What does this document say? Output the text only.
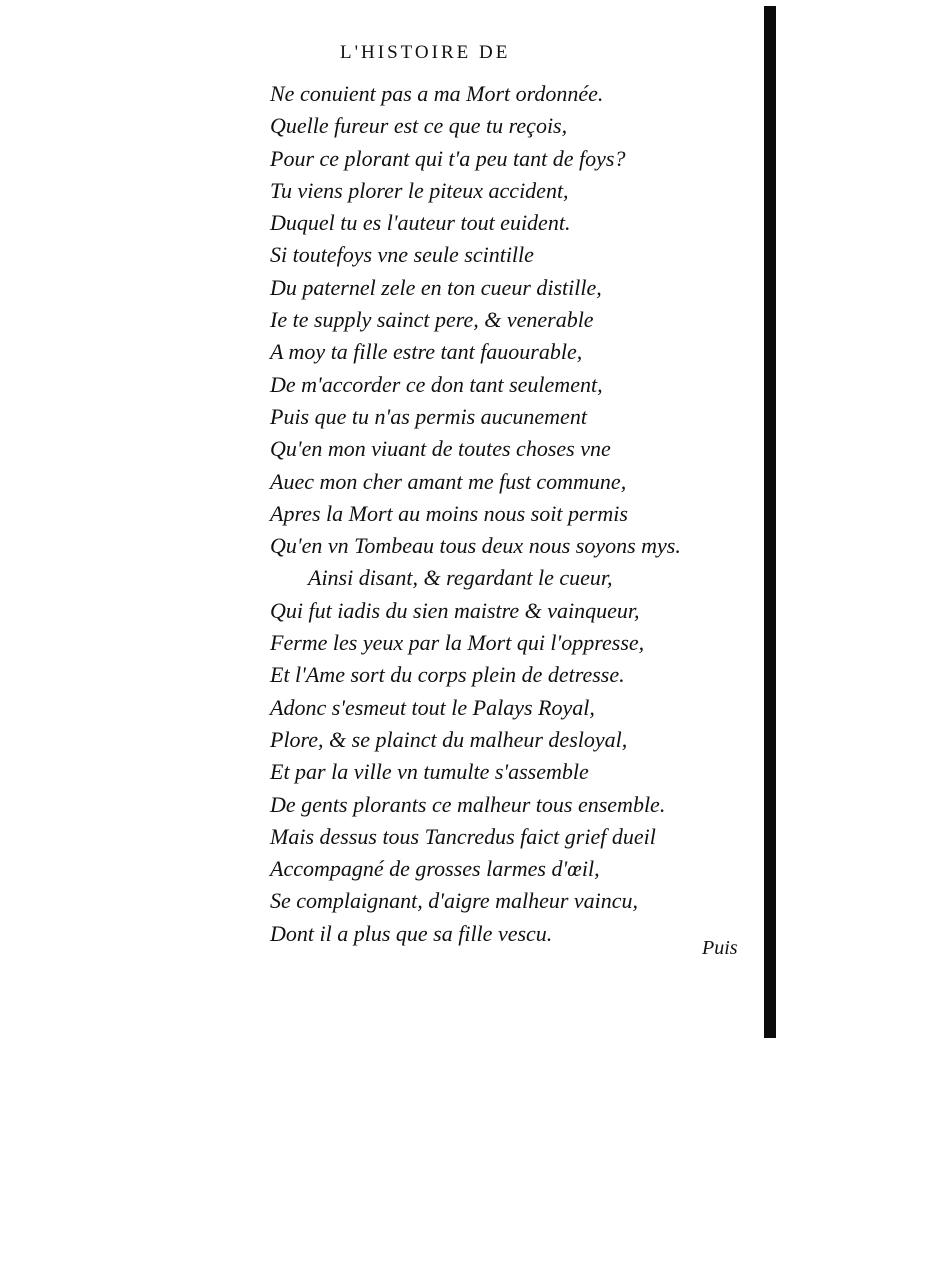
L'HISTOIRE DE
Ne conuient pas a ma Mort ordonnée.
Quelle fureur est ce que tu reçois,
Pour ce plorant qui t'a peu tant de foys?
Tu viens plorer le piteux accident,
Duquel tu es l'auteur tout euident.
Si toutefoys vne seule scintille
Du paternel zele en ton cueur distille,
Ie te supply sainct pere, & venerable
A moy ta fille estre tant fauourable,
De m'accorder ce don tant seulement,
Puis que tu n'as permis aucunement
Qu'en mon viuant de toutes choses vne
Auec mon cher amant me fust commune,
Apres la Mort au moins nous soit permis
Qu'en vn Tombeau tous deux nous soyons mys.
Ainsi disant, & regardant le cueur,
Qui fut iadis du sien maistre & vainqueur,
Ferme les yeux par la Mort qui l'oppresse,
Et l'Ame sort du corps plein de detresse.
Adonc s'esmeut tout le Palays Royal,
Plore, & se plainct du malheur desloyal,
Et par la ville vn tumulte s'assemble
De gents plorants ce malheur tous ensemble.
Mais dessus tous Tancredus faict grief dueil
Accompagné de grosses larmes d'œil,
Se complaignant, d'aigre malheur vaincu,
Dont il a plus que sa fille vescu.
Puis
